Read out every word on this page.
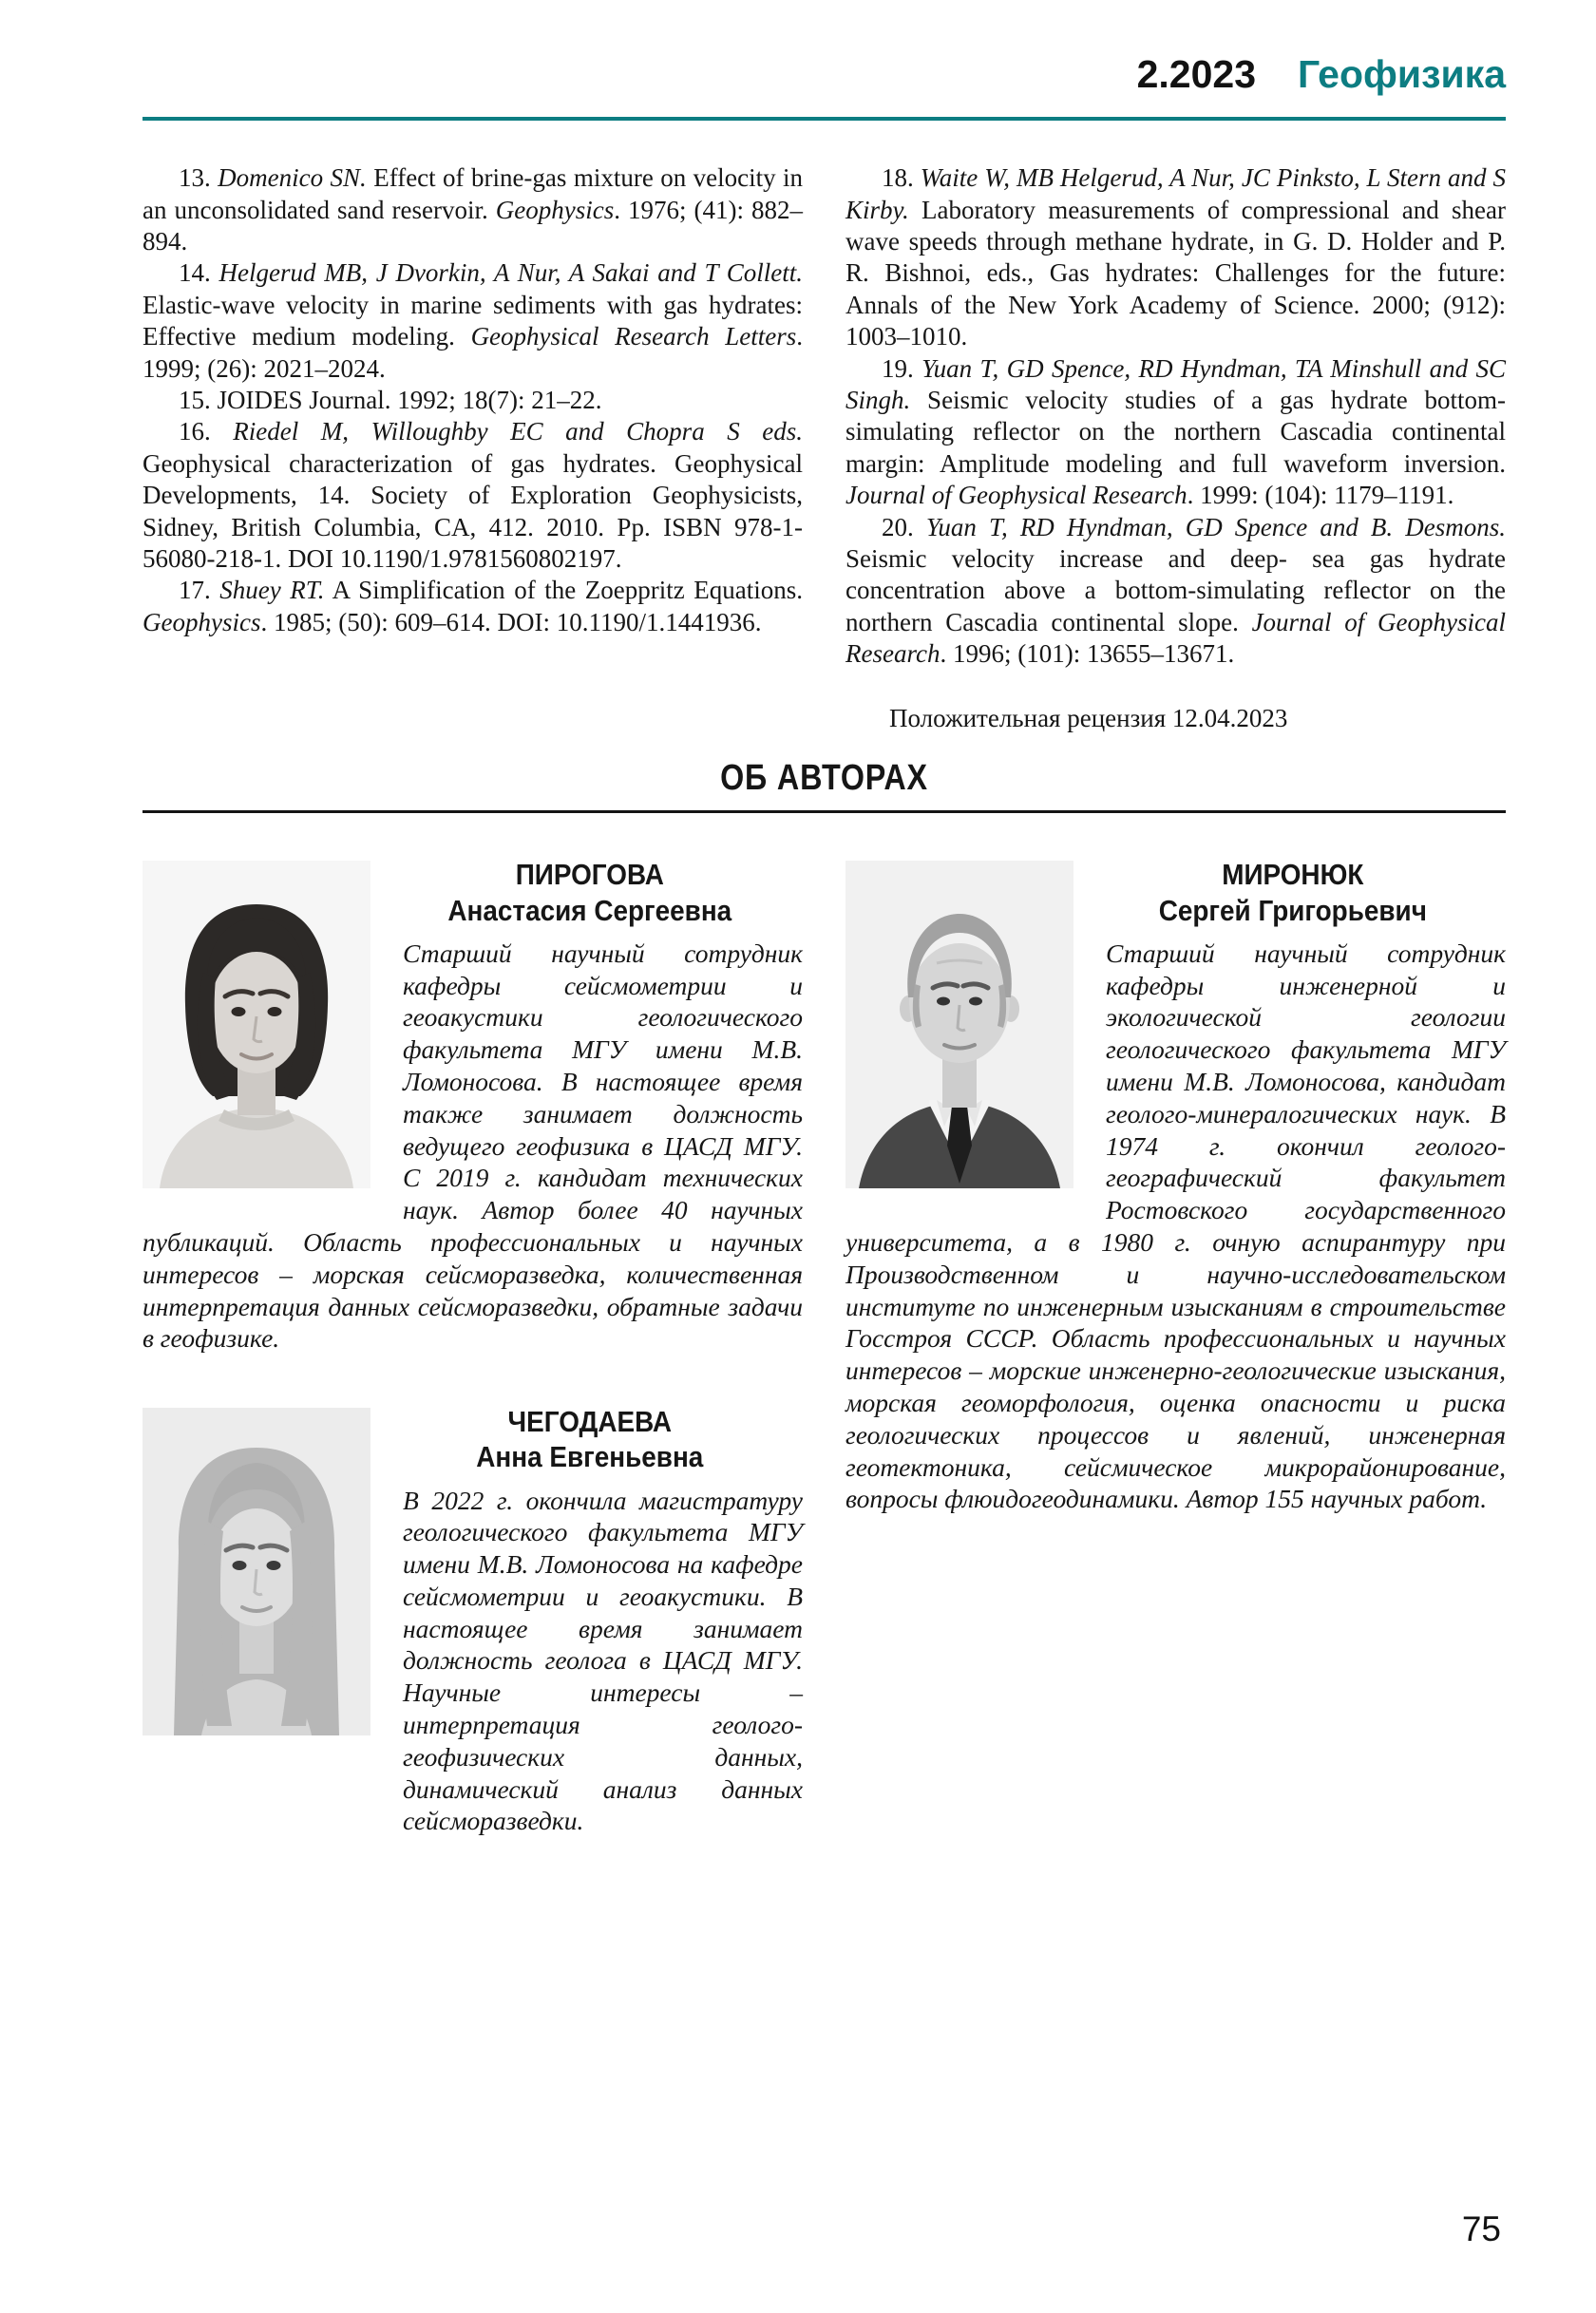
2.2023 Геофизика

13. Domenico SN. Effect of brine-gas mixture on velocity in an unconsolidated sand reservoir. Geophysics. 1976; (41): 882–894.

14. Helgerud MB, J Dvorkin, A Nur, A Sakai and T Collett. Elastic-wave velocity in marine sediments with gas hydrates: Effective medium modeling. Geophysical Research Letters. 1999; (26): 2021–2024.

15. JOIDES Journal. 1992; 18(7): 21–22.

16. Riedel M, Willoughby EC and Chopra S eds. Geophysical characterization of gas hydrates. Geophysical Developments, 14. Society of Exploration Geophysicists, Sidney, British Columbia, CA, 412. 2010. Pp. ISBN 978-1-56080-218-1. DOI 10.1190/1.9781560802197.

17. Shuey RT. A Simplification of the Zoeppritz Equations. Geophysics. 1985; (50): 609–614. DOI: 10.1190/1.1441936.

18. Waite W, MB Helgerud, A Nur, JC Pinksto, L Stern and S Kirby. Laboratory measurements of compressional and shear wave speeds through methane hydrate, in G. D. Holder and P. R. Bishnoi, eds., Gas hydrates: Challenges for the future: Annals of the New York Academy of Science. 2000; (912): 1003–1010.

19. Yuan T, GD Spence, RD Hyndman, TA Minshull and SC Singh. Seismic velocity studies of a gas hydrate bottom-simulating reflector on the northern Cascadia continental margin: Amplitude modeling and full waveform inversion. Journal of Geophysical Research. 1999: (104): 1179–1191.

20. Yuan T, RD Hyndman, GD Spence and B. Desmons. Seismic velocity increase and deep- sea gas hydrate concentration above a bottom-simulating reflector on the northern Cascadia continental slope. Journal of Geophysical Research. 1996; (101): 13655–13671.

Положительная рецензия 12.04.2023

ОБ АВТОРАХ
ПИРОГОВА
Анастасия Сергеевна

Старший научный сотрудник кафедры сейсмометрии и геоакустики геологического факультета МГУ имени М.В. Ломоносова. В настоящее время также занимает должность ведущего геофизика в ЦАСД МГУ. С 2019 г. кандидат технических наук. Автор более 40 научных публикаций. Область профессиональных и научных интересов – морская сейсморазведка, количественная интерпретация данных сейсморазведки, обратные задачи в геофизике.

ЧЕГОДАЕВА
Анна Евгеньевна

В 2022 г. окончила магистратуру геологического факультета МГУ имени М.В. Ломоносова на кафедре сейсмометрии и геоакустики. В настоящее время занимает должность геолога в ЦАСД МГУ. Научные интересы – интерпретация геолого-геофизических данных, динамический анализ данных сейсморазведки.

МИРОНЮК
Сергей Григорьевич

Старший научный сотрудник кафедры инженерной и экологической геологии геологического факультета МГУ имени М.В. Ломоносова, кандидат геолого-минералогических наук. В 1974 г. окончил геолого-географический факультет Ростовского государственного университета, а в 1980 г. очную аспирантуру при Производственном и научно-исследовательском институте по инженерным изысканиям в строительстве Госстроя СССР. Область профессиональных и научных интересов – морские инженерно-геологические изыскания, морская геоморфология, оценка опасности и риска геологических процессов и явлений, инженерная геотектоника, сейсмическое микрорайонирование, вопросы флюидогеодинамики. Автор 155 научных работ.

75
